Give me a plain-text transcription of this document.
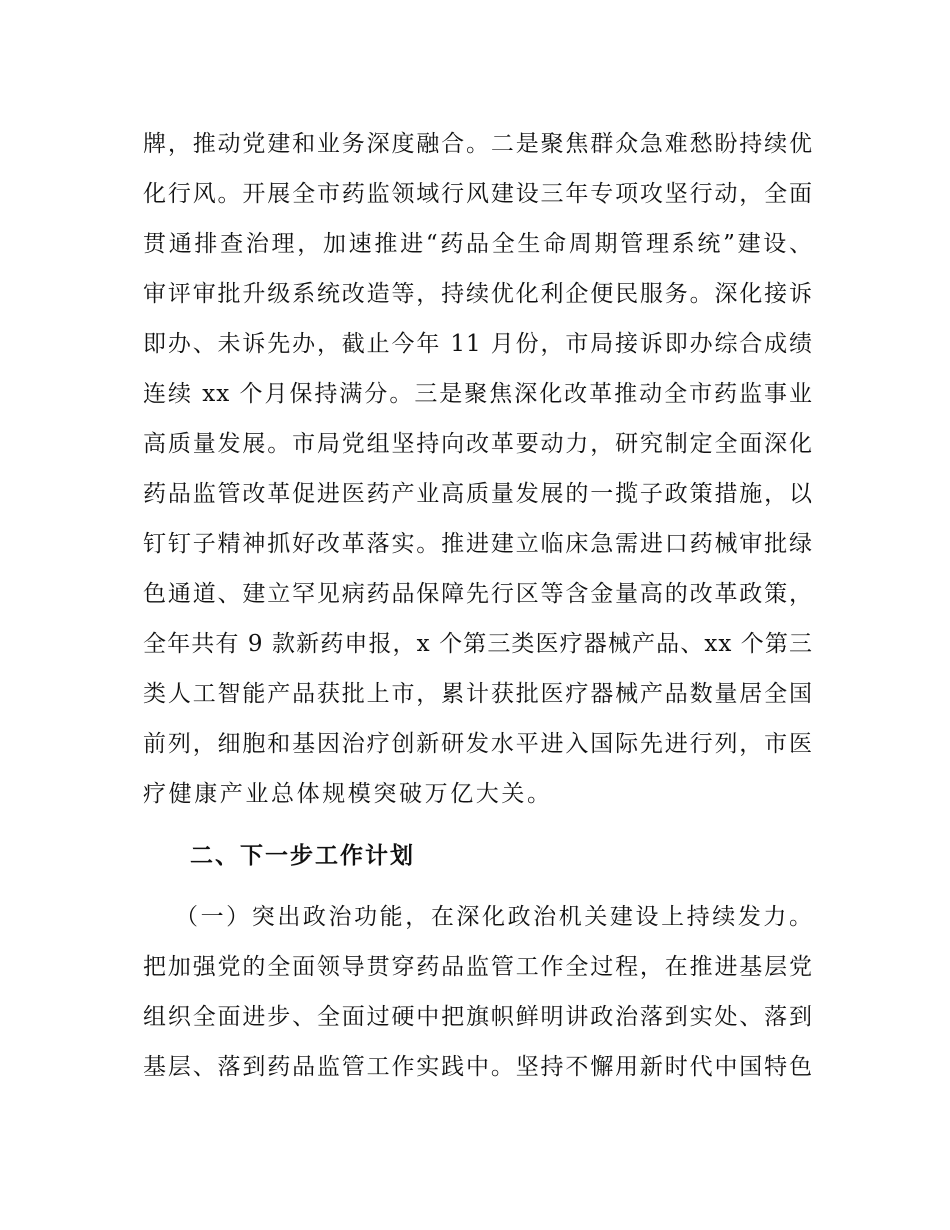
牌，推动党建和业务深度融合。二是聚焦群众急难愁盼持续优
化行风。开展全市药监领域行风建设三年专项攻坚行动，全面
贯通排查治理，加速推进“药品全生命周期管理系统”建设、
审评审批升级系统改造等，持续优化利企便民服务。深化接诉
即办、未诉先办，截止今年 11 月份，市局接诉即办综合成绩
连续 xx 个月保持满分。三是聚焦深化改革推动全市药监事业
高质量发展。市局党组坚持向改革要动力，研究制定全面深化
药品监管改革促进医药产业高质量发展的一揽子政策措施，以
钉钉子精神抓好改革落实。推进建立临床急需进口药械审批绿
色通道、建立罕见病药品保障先行区等含金量高的改革政策，
全年共有 9 款新药申报，x 个第三类医疗器械产品、xx 个第三
类人工智能产品获批上市，累计获批医疗器械产品数量居全国
前列，细胞和基因治疗创新研发水平进入国际先进行列，市医
疗健康产业总体规模突破万亿大关。
二、下一步工作计划
（一）突出政治功能，在深化政治机关建设上持续发力。
把加强党的全面领导贯穿药品监管工作全过程，在推进基层党
组织全面进步、全面过硬中把旗帜鲜明讲政治落到实处、落到
基层、落到药品监管工作实践中。坚持不懈用新时代中国特色
